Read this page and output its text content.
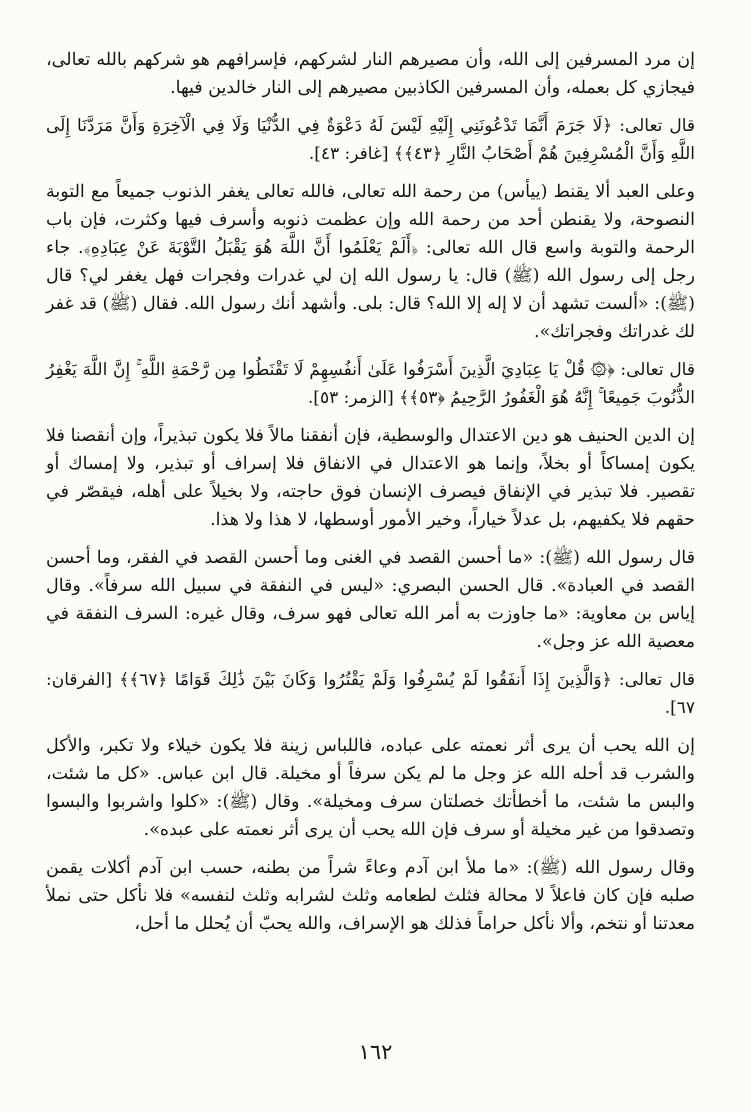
إن مرد المسرفين إلى الله، وأن مصيرهم النار لشركهم، فإسرافهم هو شركهم بالله تعالى، فيجازي كل بعمله، وأن المسرفين الكاذبين مصيرهم إلى النار خالدين فيها.

قال تعالى: ﴿لَا جَرَمَ أَنَّمَا تَدْعُونَنِي إِلَيْهِ لَيْسَ لَهُ دَعْوَةٌ فِي الدُّنْيَا وَلَا فِي الْآخِرَةِ وَأَنَّ مَرَدَّنَا إِلَى اللَّهِ وَأَنَّ الْمُسْرِفِينَ هُمْ أَصْحَابُ النَّارِ ﴿٤٣﴾﴾ [غافر: ٤٣].

وعلى العبد ألا يقنط (ييأس) من رحمة الله تعالى، فالله تعالى يغفر الذنوب جميعاً مع التوبة النصوحة، ولا يقنطن أحد من رحمة الله وإن عظمت ذنوبه وأسرف فيها وكثرت، فإن باب الرحمة والتوبة واسع قال الله تعالى: ﴿أَلَمْ يَعْلَمُوا أَنَّ اللَّهَ هُوَ يَقْبَلُ التَّوْبَةَ عَنْ عِبَادِهِ﴾. جاء رجل إلى رسول الله (ﷺ) قال: يا رسول الله إن لي غدرات وفجرات فهل يغفر لي؟ قال (ﷺ): «ألست تشهد أن لا إله إلا الله؟ قال: بلى. وأشهد أنك رسول الله. فقال (ﷺ) قد غفر لك غدراتك وفجراتك».

قال تعالى: ﴿۞ قُلْ يَا عِبَادِيَ الَّذِينَ أَسْرَفُوا عَلَىٰ أَنفُسِهِمْ لَا تَقْنَطُوا مِن رَّحْمَةِ اللَّهِ ۚ إِنَّ اللَّهَ يَغْفِرُ الذُّنُوبَ جَمِيعًا ۚ إِنَّهُ هُوَ الْغَفُورُ الرَّحِيمُ ﴿٥٣﴾﴾ [الزمر: ٥٣].

إن الدين الحنيف هو دين الاعتدال والوسطية، فإن أنفقنا مالاً فلا يكون تبذيراً، وإن أنقصنا فلا يكون إمساكاً أو بخلاً، وإنما هو الاعتدال في الانفاق فلا إسراف أو تبذير، ولا إمساك أو تقصير. فلا تبذير في الإنفاق فيصرف الإنسان فوق حاجته، ولا بخيلاً على أهله، فيقصّر في حقهم فلا يكفيهم، بل عدلاً خياراً، وخير الأمور أوسطها، لا هذا ولا هذا.

قال رسول الله (ﷺ): «ما أحسن القصد في الغنى وما أحسن القصد في الفقر، وما أحسن القصد في العبادة». قال الحسن البصري: «ليس في النفقة في سبيل الله سرفاً». وقال إياس بن معاوية: «ما جاوزت به أمر الله تعالى فهو سرف، وقال غيره: السرف النفقة في معصية الله عز وجل».

قال تعالى: ﴿وَالَّذِينَ إِذَا أَنفَقُوا لَمْ يُسْرِفُوا وَلَمْ يَقْتُرُوا وَكَانَ بَيْنَ ذَٰلِكَ قَوَامًا ﴿٦٧﴾﴾ [الفرقان: ٦٧].

إن الله يحب أن يرى أثر نعمته على عباده، فاللباس زينة فلا يكون خيلاء ولا تكبر، والأكل والشرب قد أحله الله عز وجل ما لم يكن سرفاً أو مخيلة. قال ابن عباس. «كل ما شئت، والبس ما شئت، ما أخطأتك خصلتان سرف ومخيلة». وقال (ﷺ): «كلوا واشربوا والبسوا وتصدقوا من غير مخيلة أو سرف فإن الله يحب أن يرى أثر نعمته على عبده».

وقال رسول الله (ﷺ): «ما ملأ ابن آدم وعاءً شراً من بطنه، حسب ابن آدم أكلات يقمن صلبه فإن كان فاعلاً لا محالة فثلث لطعامه وثلث لشرابه وثلث لنفسه» فلا نأكل حتى نملأ معدتنا أو نتخم، وألا نأكل حراماً فذلك هو الإسراف، والله يحبّ أن يُحلل ما أحل،

١٦٢
